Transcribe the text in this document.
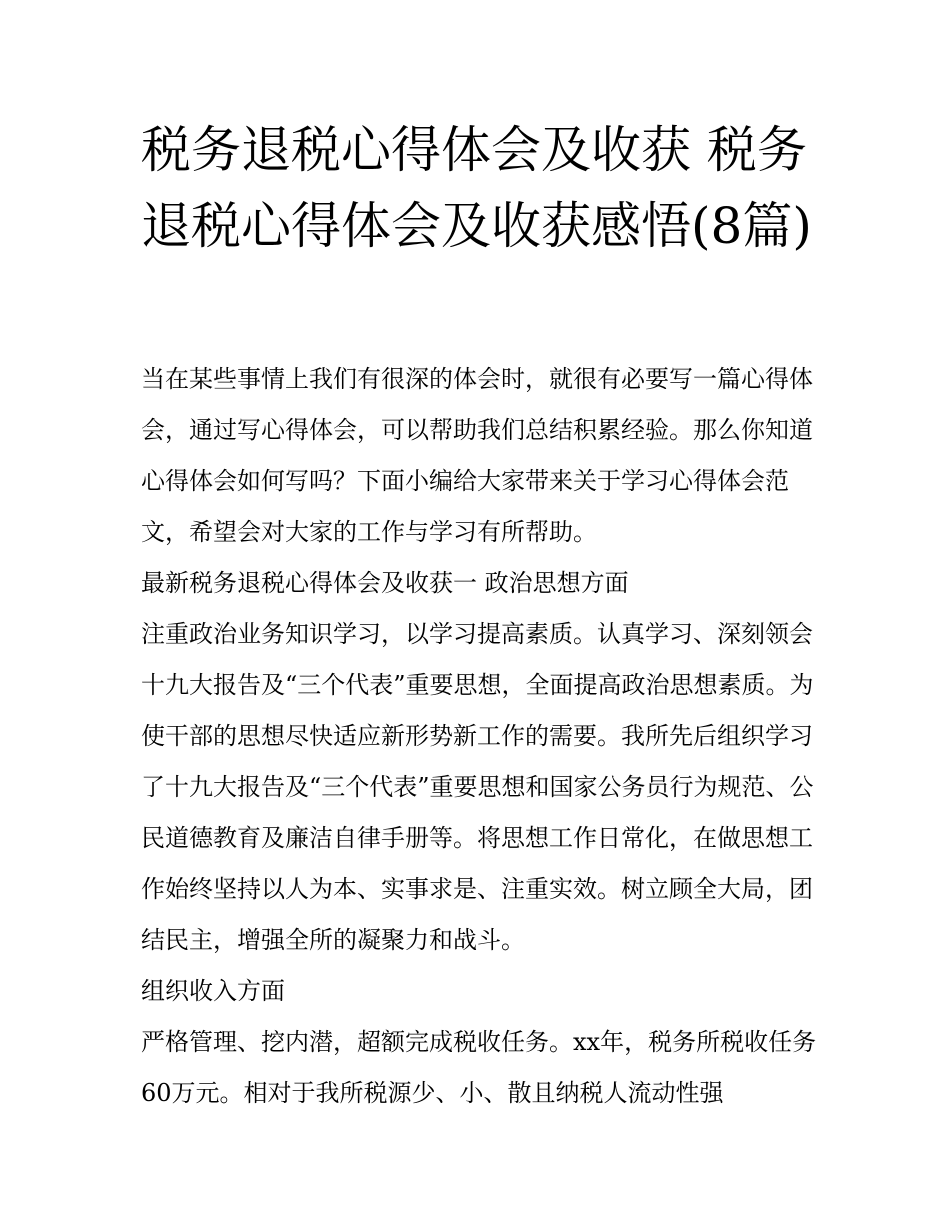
税务退税心得体会及收获 税务退税心得体会及收获感悟(8篇)

当在某些事情上我们有很深的体会时，就很有必要写一篇心得体会，通过写心得体会，可以帮助我们总结积累经验。那么你知道心得体会如何写吗？下面小编给大家带来关于学习心得体会范文，希望会对大家的工作与学习有所帮助。

最新税务退税心得体会及收获一 政治思想方面

注重政治业务知识学习，以学习提高素质。认真学习、深刻领会十九大报告及“三个代表”重要思想，全面提高政治思想素质。为使干部的思想尽快适应新形势新工作的需要。我所先后组织学习了十九大报告及“三个代表”重要思想和国家公务员行为规范、公民道德教育及廉洁自律手册等。将思想工作日常化，在做思想工作始终坚持以人为本、实事求是、注重实效。树立顾全大局，团结民主，增强全所的凝聚力和战斗。

组织收入方面

严格管理、挖内潜，超额完成税收任务。xx年，税务所税收任务60万元。相对于我所税源少、小、散且纳税人流动性强
